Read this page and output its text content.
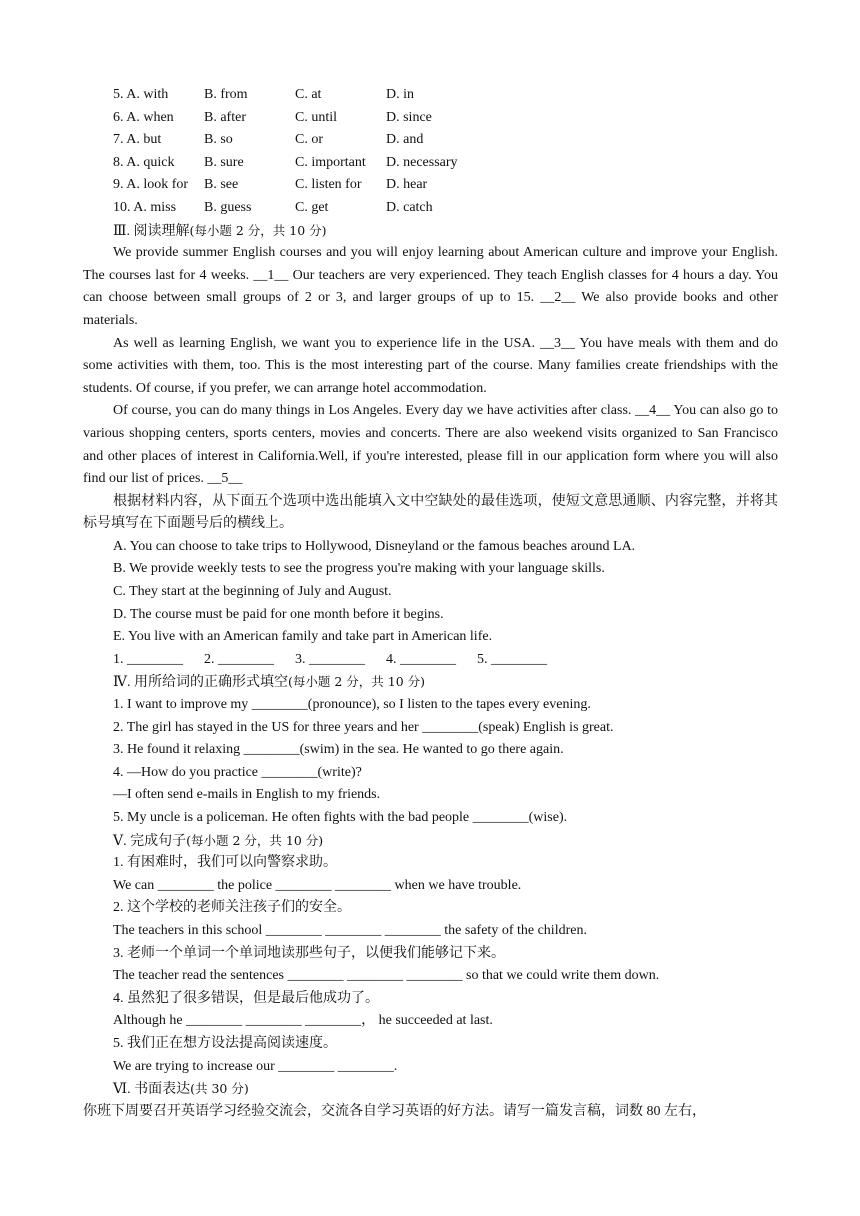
5. A. with	B. from	C. at	D. in
6. A. when	B. after	C. until	D. since
7. A. but	B. so	C. or	D. and
8. A. quick	B. sure	C. important	D. necessary
9. A. look for	B. see	C. listen for	D. hear
10. A. miss	B. guess	C. get	D. catch
Ⅲ. 阅读理解(每小题 2 分，共 10 分)
We provide summer English courses and you will enjoy learning about American culture and improve your English. The courses last for 4 weeks. __1__ Our teachers are very experienced. They teach English classes for 4 hours a day. You can choose between small groups of 2 or 3, and larger groups of up to 15. __2__ We also provide books and other materials.
As well as learning English, we want you to experience life in the USA. __3__ You have meals with them and do some activities with them, too. This is the most interesting part of the course. Many families create friendships with the students. Of course, if you prefer, we can arrange hotel accommodation.
Of course, you can do many things in Los Angeles. Every day we have activities after class. __4__ You can also go to various shopping centers, sports centers, movies and concerts. There are also weekend visits organized to San Francisco and other places of interest in California.Well, if you're interested, please fill in our application form where you will also find our list of prices. __5__
根据材料内容，从下面五个选项中选出能填入文中空缺处的最佳选项，使短文意思通顺、内容完整，并将其标号填写在下面题号后的横线上。
A. You can choose to take trips to Hollywood, Disneyland or the famous beaches around LA.
B. We provide weekly tests to see the progress you're making with your language skills.
C. They start at the beginning of July and August.
D. The course must be paid for one month before it begins.
E. You live with an American family and take part in American life.
1. ________ 2. ________ 3. ________ 4. ________ 5. ________
Ⅳ. 用所给词的正确形式填空(每小题 2 分，共 10 分)
1. I want to improve my ________(pronounce), so I listen to the tapes every evening.
2. The girl has stayed in the US for three years and her ________(speak) English is great.
3. He found it relaxing ________(swim) in the sea. He wanted to go there again.
4. —How do you practice ________(write)?
—I often send e-mails in English to my friends.
5. My uncle is a policeman. He often fights with the bad people ________(wise).
Ⅴ. 完成句子(每小题 2 分，共 10 分)
1. 有困难时，我们可以向警察求助。
We can ________ the police ________ ________ when we have trouble.
2. 这个学校的老师关注孩子们的安全。
The teachers in this school ________ ________ ________ the safety of the children.
3. 老师一个单词一个单词地读那些句子，以便我们能够记下来。
The teacher read the sentences ________ ________ ________ so that we could write them down.
4. 虽然犯了很多错误，但是最后他成功了。
Although he ________ ________ ________， he succeeded at last.
5. 我们正在想方设法提高阅读速度。
We are trying to increase our ________ ________.
Ⅵ. 书面表达(共 30 分)
你班下周要召开英语学习经验交流会，交流各自学习英语的好方法。请写一篇发言稿，词数 80 左右，
